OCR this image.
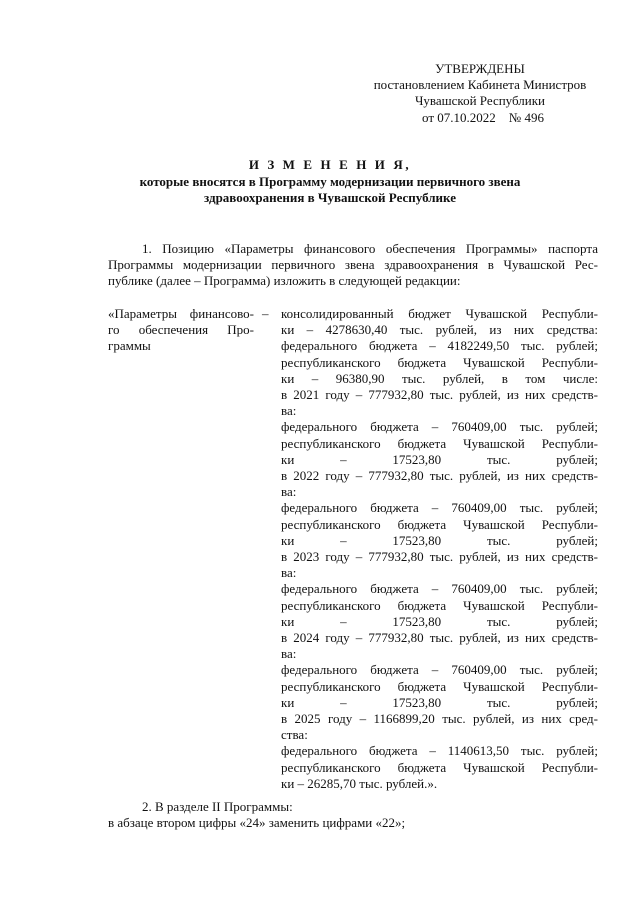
УТВЕРЖДЕНЫ
постановлением Кабинета Министров
Чувашской Республики
от 07.10.2022    № 496
И З М Е Н Е Н И Я,
которые вносятся в Программу модернизации первичного звена
здравоохранения в Чувашской Республике
1. Позицию «Параметры финансового обеспечения Программы» паспорта
Программы модернизации первичного звена здравоохранения в Чувашской Рес-
публике (далее – Программа) изложить в следующей редакции:
«Параметры финансово-
го обеспечения Про-
граммы
– консолидированный бюджет Чувашской Республи-
ки – 4278630,40 тыс. рублей, из них средства:
федерального бюджета – 4182249,50 тыс. рублей;
республиканского бюджета Чувашской Республи-
ки – 96380,90 тыс. рублей, в том числе:
в 2021 году – 777932,80 тыс. рублей, из них средств-
ва:
федерального бюджета – 760409,00 тыс. рублей;
республиканского бюджета Чувашской Республи-
ки – 17523,80 тыс. рублей;
в 2022 году – 777932,80 тыс. рублей, из них средств-
ва:
федерального бюджета – 760409,00 тыс. рублей;
республиканского бюджета Чувашской Республи-
ки – 17523,80 тыс. рублей;
в 2023 году – 777932,80 тыс. рублей, из них средств-
ва:
федерального бюджета – 760409,00 тыс. рублей;
республиканского бюджета Чувашской Республи-
ки – 17523,80 тыс. рублей;
в 2024 году – 777932,80 тыс. рублей, из них средств-
ва:
федерального бюджета – 760409,00 тыс. рублей;
республиканского бюджета Чувашской Республи-
ки – 17523,80 тыс. рублей;
в 2025 году – 1166899,20 тыс. рублей, из них сред-
ства:
федерального бюджета – 1140613,50 тыс. рублей;
республиканского бюджета Чувашской Республи-
ки – 26285,70 тыс. рублей.».
2. В разделе II Программы:
в абзаце втором цифры «24» заменить цифрами «22»;
